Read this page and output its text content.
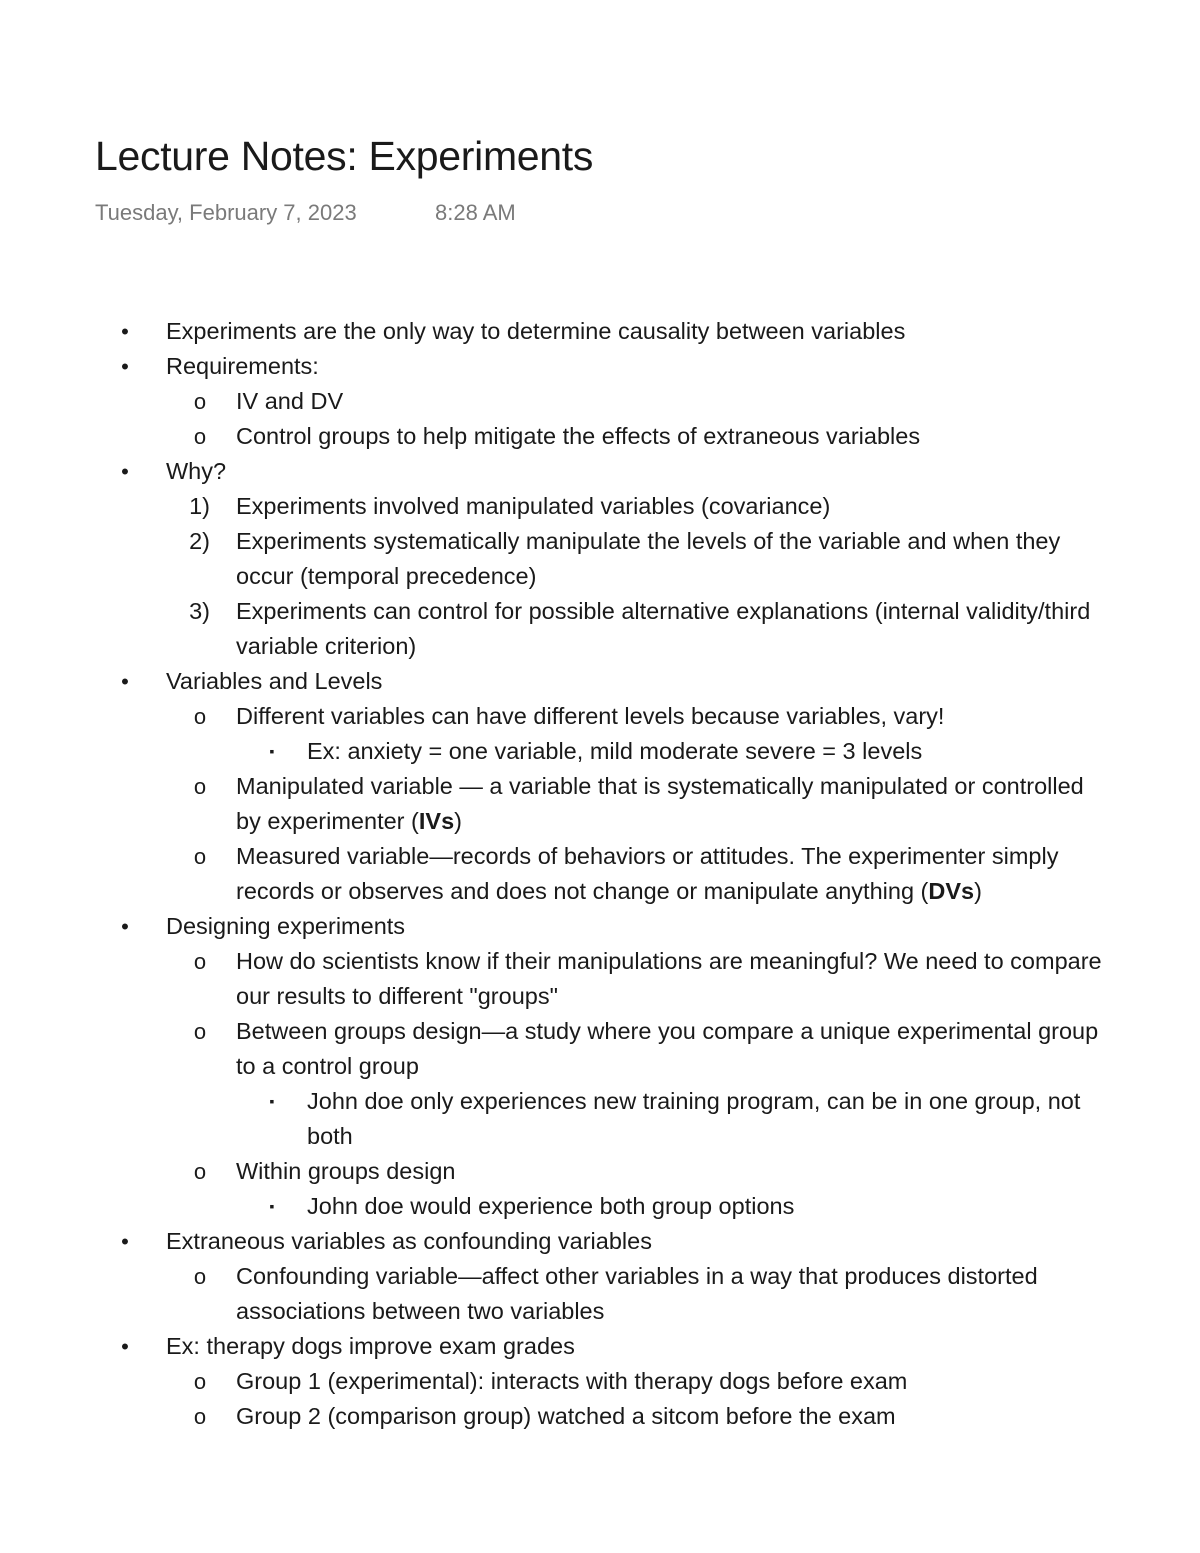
Lecture Notes: Experiments
Tuesday, February 7, 2023	8:28 AM
• Experiments are the only way to determine causality between variables
• Requirements:
o IV and DV
o Control groups to help mitigate the effects of extraneous variables
• Why?
1) Experiments involved manipulated variables (covariance)
2) Experiments systematically manipulate the levels of the variable and when they
occur (temporal precedence)
3) Experiments can control for possible alternative explanations (internal validity/third
variable criterion)
• Variables and Levels
o Different variables can have different levels because variables, vary!
▪ Ex: anxiety = one variable, mild moderate severe = 3 levels
o Manipulated variable — a variable that is systematically manipulated or controlled
by experimenter (IVs)
o Measured variable—records of behaviors or attitudes. The experimenter simply
records or observes and does not change or manipulate anything (DVs)
• Designing experiments
o How do scientists know if their manipulations are meaningful? We need to compare
our results to different "groups"
o Between groups design—a study where you compare a unique experimental group
to a control group
▪ John doe only experiences new training program, can be in one group, not
both
o Within groups design
▪ John doe would experience both group options
• Extraneous variables as confounding variables
o Confounding variable—affect other variables in a way that produces distorted
associations between two variables
• Ex: therapy dogs improve exam grades
o Group 1 (experimental): interacts with therapy dogs before exam
o Group 2 (comparison group) watched a sitcom before the exam
